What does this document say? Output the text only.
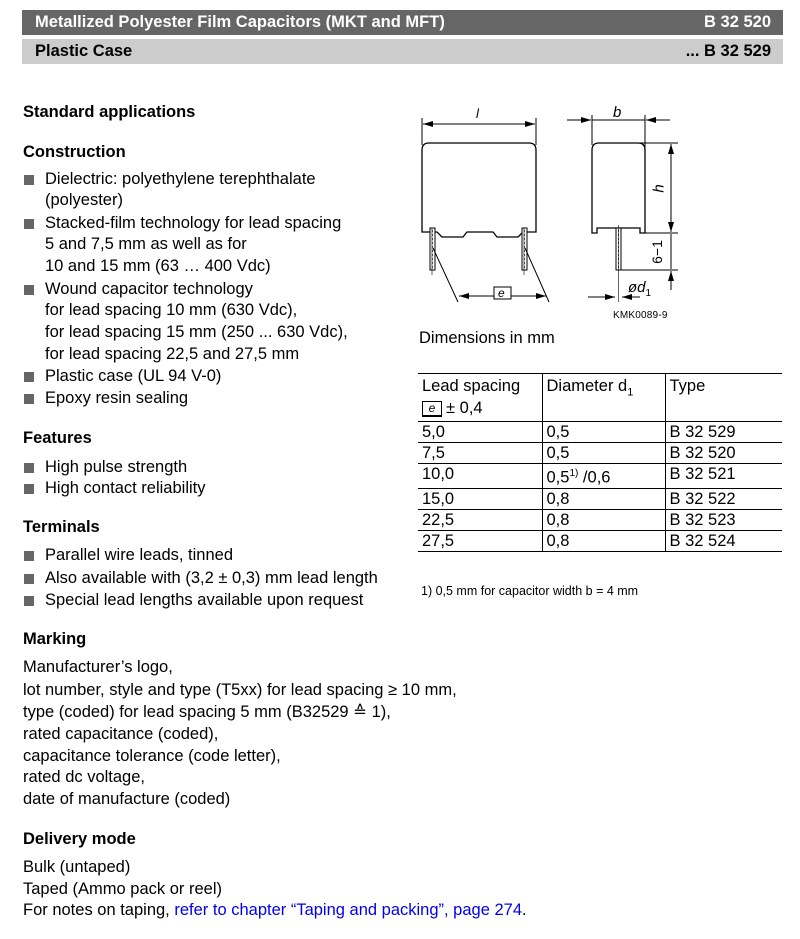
Metallized Polyester Film Capacitors (MKT and MFT)	B 32 520
Plastic Case	... B 32 529
Standard applications
Construction
Dielectric: polyethylene terephthalate
(polyester)
Stacked-film technology for lead spacing
5 and 7,5 mm as well as for
10 and 15 mm (63 … 400 Vdc)
Wound capacitor technology
for lead spacing 10 mm (630 Vdc),
for lead spacing 15 mm (250 ... 630 Vdc),
for lead spacing 22,5 and 27,5 mm
Plastic case (UL 94 V-0)
Epoxy resin sealing
Features
High pulse strength
High contact reliability
Terminals
Parallel wire leads, tinned
Also available with (3,2 ± 0,3) mm lead length
Special lead lengths available upon request
Marking
Manufacturer’s logo,
lot number, style and type (T5xx) for lead spacing ≥ 10 mm,
type (coded) for lead spacing 5 mm (B32529 ≙ 1),
rated capacitance (coded),
capacitance tolerance (code letter),
rated dc voltage,
date of manufacture (coded)
Delivery mode
Bulk (untaped)
Taped (Ammo pack or reel)
For notes on taping, refer to chapter “Taping and packing”, page 274.
l	b
h
e
6−1
$ød_1$
KMK0089-9
Dimensions in mm
Lead spacing
e ± 0,4	Diameter $d_1$	Type
5,0	0,5	B 32 529
7,5	0,5	B 32 520
10,0	0,5$^{1)}$ /0,6	B 32 521
15,0	0,8	B 32 522
22,5	0,8	B 32 523
27,5	0,8	B 32 524
1) 0,5 mm for capacitor width b = 4 mm
